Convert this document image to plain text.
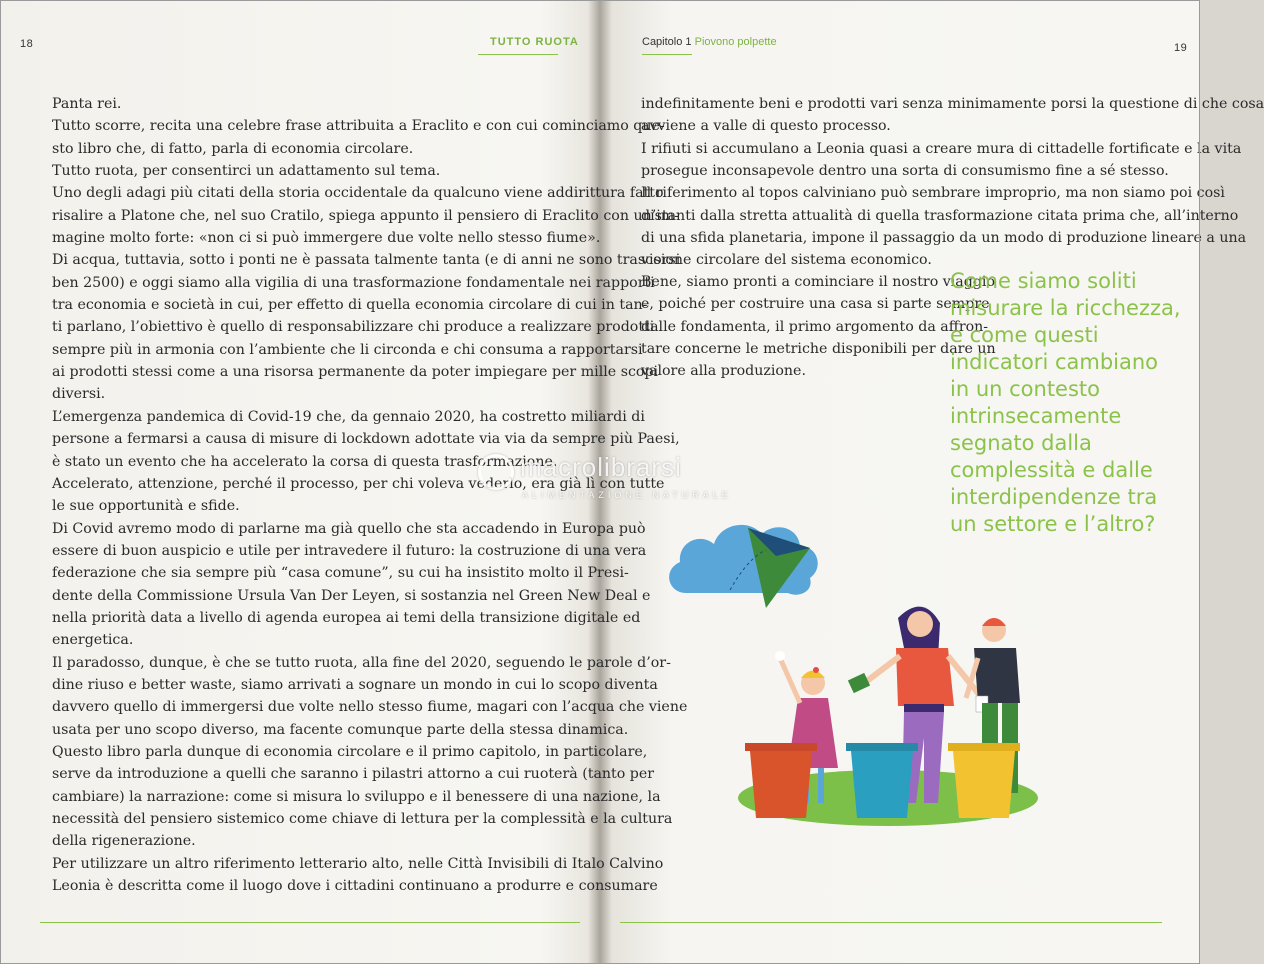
18	TUTTO RUOTA

Panta rei.

Tutto scorre, recita una celebre frase attribuita a Eraclito e con cui cominciamo que-
sto libro che, di fatto, parla di economia circolare.

Tutto ruota, per consentirci un adattamento sul tema.

Uno degli adagi più citati della storia occidentale da qualcuno viene addirittura fatto
risalire a Platone che, nel suo Cratilo, spiega appunto il pensiero di Eraclito con un’im-
magine molto forte: «non ci si può immergere due volte nello stesso fiume».

Di acqua, tuttavia, sotto i ponti ne è passata talmente tanta (e di anni ne sono trascorsi
ben 2500) e oggi siamo alla vigilia di una trasformazione fondamentale nei rapporti
tra economia e società in cui, per effetto di quella economia circolare di cui in tan-
ti parlano, l’obiettivo è quello di responsabilizzare chi produce a realizzare prodotti
sempre più in armonia con l’ambiente che li circonda e chi consuma a rapportarsi
ai prodotti stessi come a una risorsa permanente da poter impiegare per mille scopi
diversi.

L’emergenza pandemica di Covid-19 che, da gennaio 2020, ha costretto miliardi di
persone a fermarsi a causa di misure di lockdown adottate via via da sempre più Paesi,
è stato un evento che ha accelerato la corsa di questa trasformazione.

Accelerato, attenzione, perché il processo, per chi voleva vederlo, era già lì con tutte
le sue opportunità e sfide.

Di Covid avremo modo di parlarne ma già quello che sta accadendo in Europa può
essere di buon auspicio e utile per intravedere il futuro: la costruzione di una vera
federazione che sia sempre più “casa comune”, su cui ha insistito molto il Presi-
dente della Commissione Ursula Van Der Leyen, si sostanzia nel Green New Deal e
nella priorità data a livello di agenda europea ai temi della transizione digitale ed
energetica.

Il paradosso, dunque, è che se tutto ruota, alla fine del 2020, seguendo le parole d’or-
dine riuso e better waste, siamo arrivati a sognare un mondo in cui lo scopo diventa
davvero quello di immergersi due volte nello stesso fiume, magari con l’acqua che viene
usata per uno scopo diverso, ma facente comunque parte della stessa dinamica.

Questo libro parla dunque di economia circolare e il primo capitolo, in particolare,
serve da introduzione a quelli che saranno i pilastri attorno a cui ruoterà (tanto per
cambiare) la narrazione: come si misura lo sviluppo e il benessere di una nazione, la
necessità del pensiero sistemico come chiave di lettura per la complessità e la cultura
della rigenerazione.

Per utilizzare un altro riferimento letterario alto, nelle Città Invisibili di Italo Calvino
Leonia è descritta come il luogo dove i cittadini continuano a produrre e consumare

Capitolo 1 Piovono polpette	19

indefinitamente beni e prodotti vari senza minimamente porsi la questione di che cosa
avviene a valle di questo processo.

I rifiuti si accumulano a Leonia quasi a creare mura di cittadelle fortificate e la vita
prosegue inconsapevole dentro una sorta di consumismo fine a sé stesso.

Il riferimento al topos calviniano può sembrare improprio, ma non siamo poi così
distanti dalla stretta attualità di quella trasformazione citata prima che, all’interno
di una sfida planetaria, impone il passaggio da un modo di produzione lineare a una
visione circolare del sistema economico.

Bene, siamo pronti a cominciare il nostro viaggio
e, poiché per costruire una casa si parte sempre
dalle fondamenta, il primo argomento da affron-
tare concerne le metriche disponibili per dare un
valore alla produzione.

Come siamo soliti
misurare la ricchezza,
e come questi
indicatori cambiano
in un contesto
intrinsecamente
segnato dalla
complessità e dalle
interdipendenze tra
un settore e l’altro?
macrolibrarsi
ALIMENTAZIONE NATURALE
